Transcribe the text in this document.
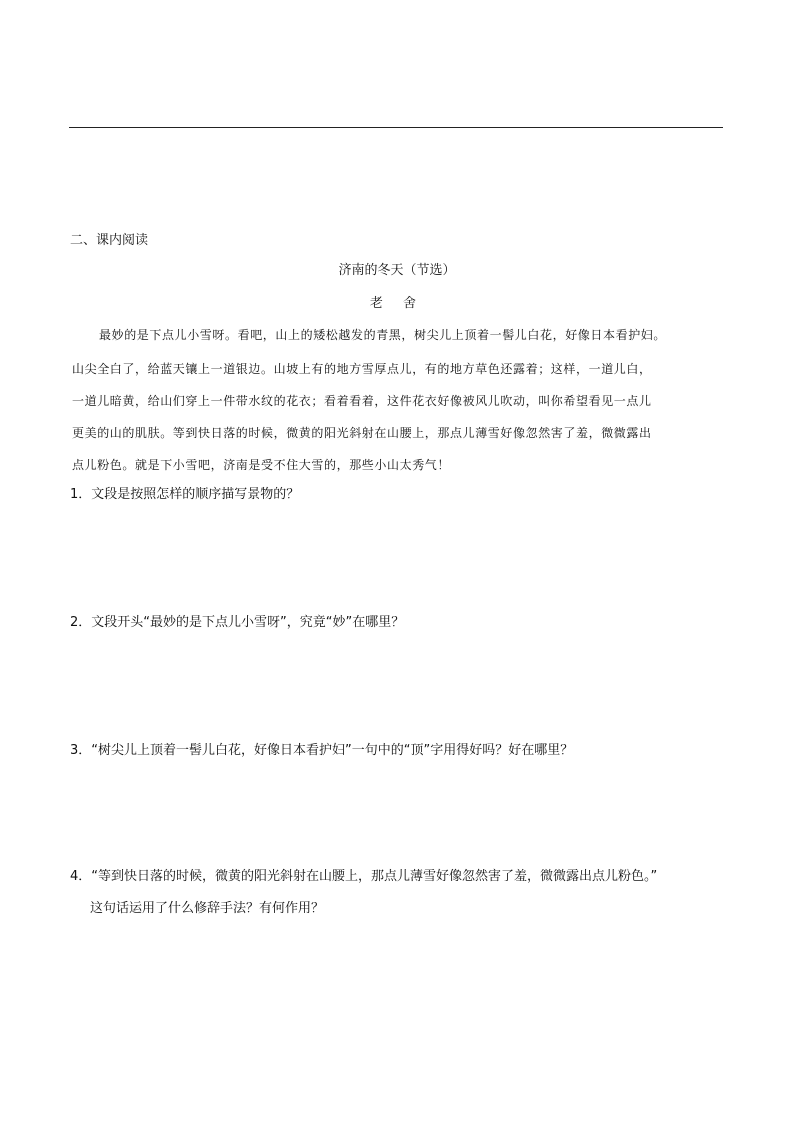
二、课内阅读
济南的冬天（节选）
老 舍
最妙的是下点儿小雪呀。看吧，山上的矮松越发的青黑，树尖儿上顶着一髻儿白花，好像日本看护妇。
山尖全白了，给蓝天镶上一道银边。山坡上有的地方雪厚点儿，有的地方草色还露着；这样，一道儿白，
一道儿暗黄，给山们穿上一件带水纹的花衣；看着看着，这件花衣好像被风儿吹动，叫你希望看见一点儿
更美的山的肌肤。等到快日落的时候，微黄的阳光斜射在山腰上，那点儿薄雪好像忽然害了羞，微微露出
点儿粉色。就是下小雪吧，济南是受不住大雪的，那些小山太秀气！
1．文段是按照怎样的顺序描写景物的？
2．文段开头“最妙的是下点儿小雪呀”，究竟“妙”在哪里？
3．“树尖儿上顶着一髻儿白花，好像日本看护妇”一句中的“顶”字用得好吗？好在哪里？
4．“等到快日落的时候，微黄的阳光斜射在山腰上，那点儿薄雪好像忽然害了羞，微微露出点儿粉色。”
这句话运用了什么修辞手法？有何作用？
